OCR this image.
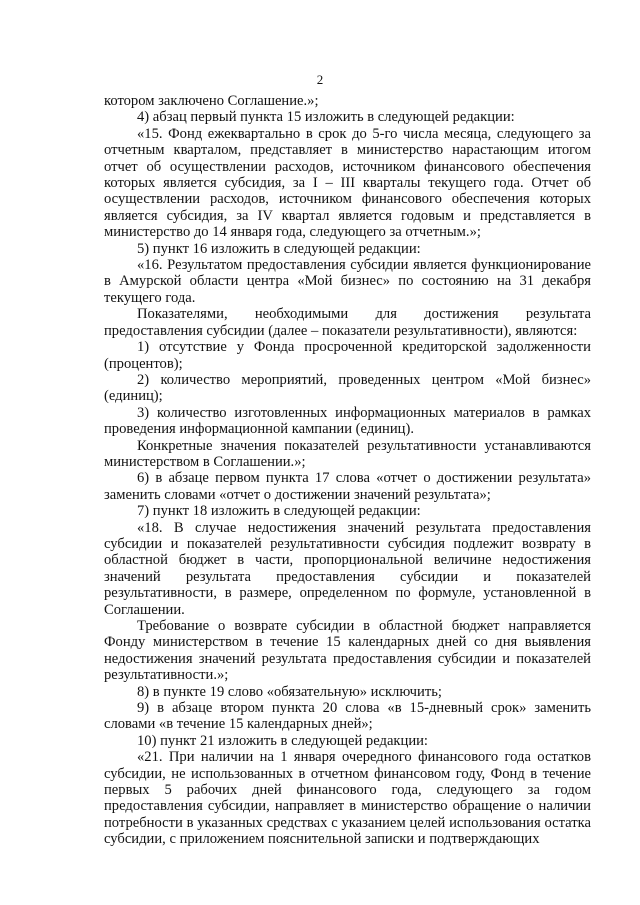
2

котором заключено Соглашение.»;

4) абзац первый пункта 15 изложить в следующей редакции:

«15. Фонд ежеквартально в срок до 5-го числа месяца, следующего за отчетным кварталом, представляет в министерство нарастающим итогом отчет об осуществлении расходов, источником финансового обеспечения которых является субсидия, за I – III кварталы текущего года. Отчет об осуществлении расходов, источником финансового обеспечения которых является субсидия, за IV квартал является годовым и представляется в министерство до 14 января года, следующего за отчетным.»;

5) пункт 16 изложить в следующей редакции:

«16. Результатом предоставления субсидии является функционирование в Амурской области центра «Мой бизнес» по состоянию на 31 декабря текущего года.

Показателями, необходимыми для достижения результата предоставления субсидии (далее – показатели результативности), являются:

1) отсутствие у Фонда просроченной кредиторской задолженности (процентов);

2) количество мероприятий, проведенных центром «Мой бизнес» (единиц);

3) количество изготовленных информационных материалов в рамках проведения информационной кампании (единиц).

Конкретные значения показателей результативности устанавливаются министерством в Соглашении.»;

6) в абзаце первом пункта 17 слова «отчет о достижении результата» заменить словами «отчет о достижении значений результата»;

7) пункт 18 изложить в следующей редакции:

«18. В случае недостижения значений результата предоставления субсидии и показателей результативности субсидия подлежит возврату в областной бюджет в части, пропорциональной величине недостижения значений результата предоставления субсидии и показателей результативности, в размере, определенном по формуле, установленной в Соглашении.

Требование о возврате субсидии в областной бюджет направляется Фонду министерством в течение 15 календарных дней со дня выявления недостижения значений результата предоставления субсидии и показателей результативности.»;

8) в пункте 19 слово «обязательную» исключить;

9) в абзаце втором пункта 20 слова «в 15-дневный срок» заменить словами «в течение 15 календарных дней»;

10) пункт 21 изложить в следующей редакции:

«21. При наличии на 1 января очередного финансового года остатков субсидии, не использованных в отчетном финансовом году, Фонд в течение первых 5 рабочих дней финансового года, следующего за годом предоставления субсидии, направляет в министерство обращение о наличии потребности в указанных средствах с указанием целей использования остатка субсидии, с приложением пояснительной записки и подтверждающих
